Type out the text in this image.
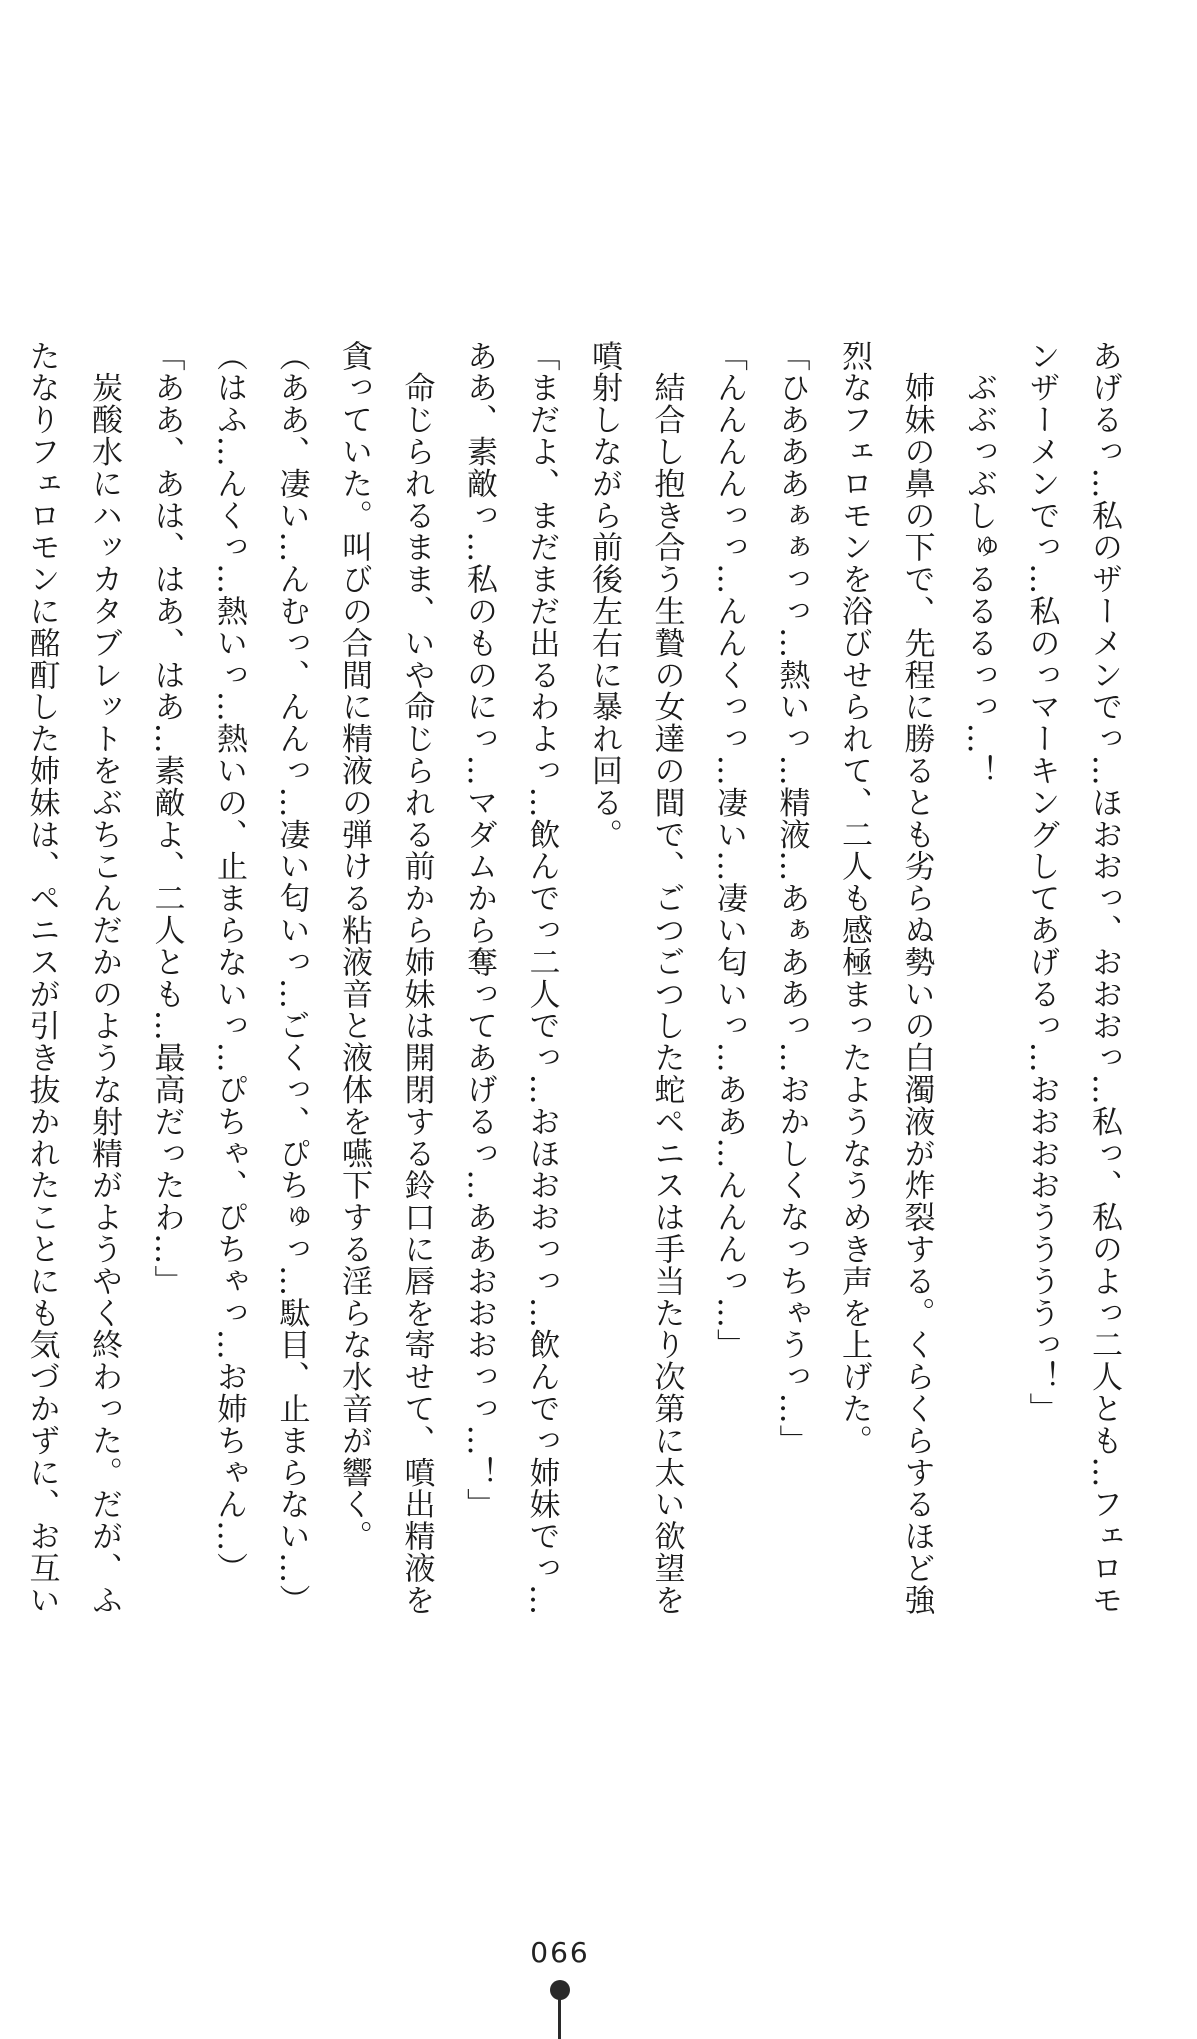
あげるっ…私のザーメンでっ…ほおおっ、おおおっ…私っ、私のよっ二人とも…フェロモ

ンザーメンでっ…私のっマーキングしてあげるっ…おおおおううううっ！」

　ぶぶっぶしゅるるるっっ…！

　姉妹の鼻の下で、先程に勝るとも劣らぬ勢いの白濁液が炸裂する。くらくらするほど強

烈なフェロモンを浴びせられて、二人も感極まったようなうめき声を上げた。

「ひあああぁぁっっ…熱いっ…精液…あぁああっ…おかしくなっちゃうっ…」

「んんんんっっ…んんくっっ…凄い…凄い匂いっ…ああ…んんんっ…」

　結合し抱き合う生贄の女達の間で、ごつごつした蛇ペニスは手当たり次第に太い欲望を

噴射しながら前後左右に暴れ回る。

「まだよ、まだまだ出るわよっ…飲んでっ二人でっ…おほおおっっ…飲んでっ姉妹でっ…

ああ、素敵っ…私のものにっ…マダムから奪ってあげるっ…ああおおおっっ…！」

　命じられるまま、いや命じられる前から姉妹は開閉する鈴口に唇を寄せて、噴出精液を

貪っていた。叫びの合間に精液の弾ける粘液音と液体を嚥下する淫らな水音が響く。

（ああ、凄い…んむっ、んんっ…凄い匂いっ…ごくっ、ぴちゅっ…駄目、止まらない…）

（はふ…んくっ…熱いっ…熱いの、止まらないっ…ぴちゃ、ぴちゃっ…お姉ちゃん…）

「ああ、あは、はあ、はあ…素敵よ、二人とも…最高だったわ…」

　炭酸水にハッカタブレットをぶちこんだかのような射精がようやく終わった。だが、ふ

たなりフェロモンに酩酊した姉妹は、ペニスが引き抜かれたことにも気づかずに、お互い

066
